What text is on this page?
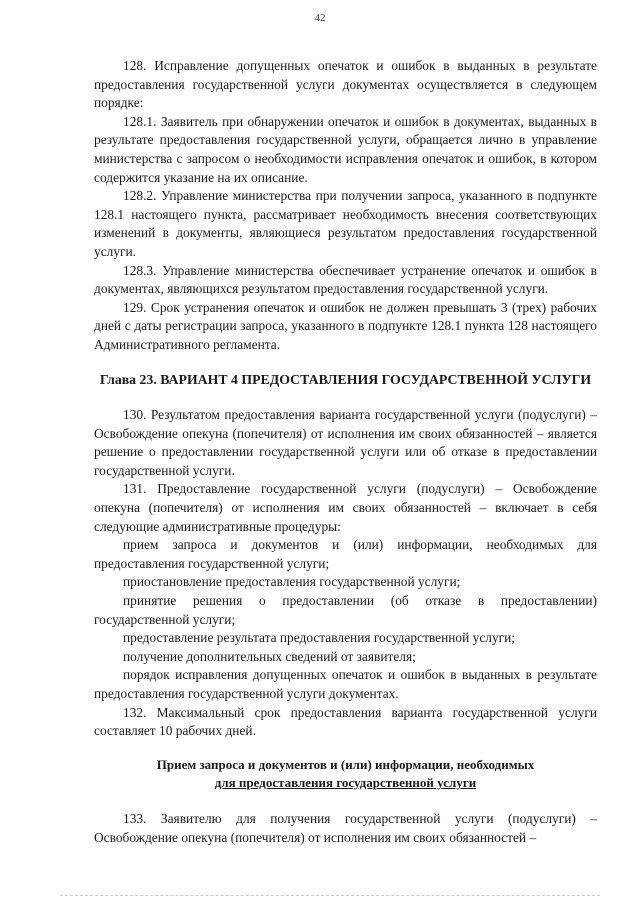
42

128. Исправление допущенных опечаток и ошибок в выданных в результате предоставления государственной услуги документах осуществляется в следующем порядке:

128.1. Заявитель при обнаружении опечаток и ошибок в документах, выданных в результате предоставления государственной услуги, обращается лично в управление министерства с запросом о необходимости исправления опечаток и ошибок, в котором содержится указание на их описание.

128.2. Управление министерства при получении запроса, указанного в подпункте 128.1 настоящего пункта, рассматривает необходимость внесения соответствующих изменений в документы, являющиеся результатом предоставления государственной услуги.

128.3. Управление министерства обеспечивает устранение опечаток и ошибок в документах, являющихся результатом предоставления государственной услуги.

129. Срок устранения опечаток и ошибок не должен превышать 3 (трех) рабочих дней с даты регистрации запроса, указанного в подпункте 128.1 пункта 128 настоящего Административного регламента.

Глава 23. ВАРИАНТ 4 ПРЕДОСТАВЛЕНИЯ ГОСУДАРСТВЕННОЙ УСЛУГИ

130. Результатом предоставления варианта государственной услуги (подуслуги) – Освобождение опекуна (попечителя) от исполнения им своих обязанностей – является решение о предоставлении государственной услуги или об отказе в предоставлении государственной услуги.

131. Предоставление государственной услуги (подуслуги) – Освобождение опекуна (попечителя) от исполнения им своих обязанностей – включает в себя следующие административные процедуры:

прием запроса и документов и (или) информации, необходимых для предоставления государственной услуги;

приостановление предоставления государственной услуги;

принятие решения о предоставлении (об отказе в предоставлении) государственной услуги;

предоставление результата предоставления государственной услуги;

получение дополнительных сведений от заявителя;

порядок исправления допущенных опечаток и ошибок в выданных в результате предоставления государственной услуги документах.

132. Максимальный срок предоставления варианта государственной услуги составляет 10 рабочих дней.

Прием запроса и документов и (или) информации, необходимых
для предоставления государственной услуги

133. Заявителю для получения государственной услуги (подуслуги) – Освобождение опекуна (попечителя) от исполнения им своих обязанностей –
